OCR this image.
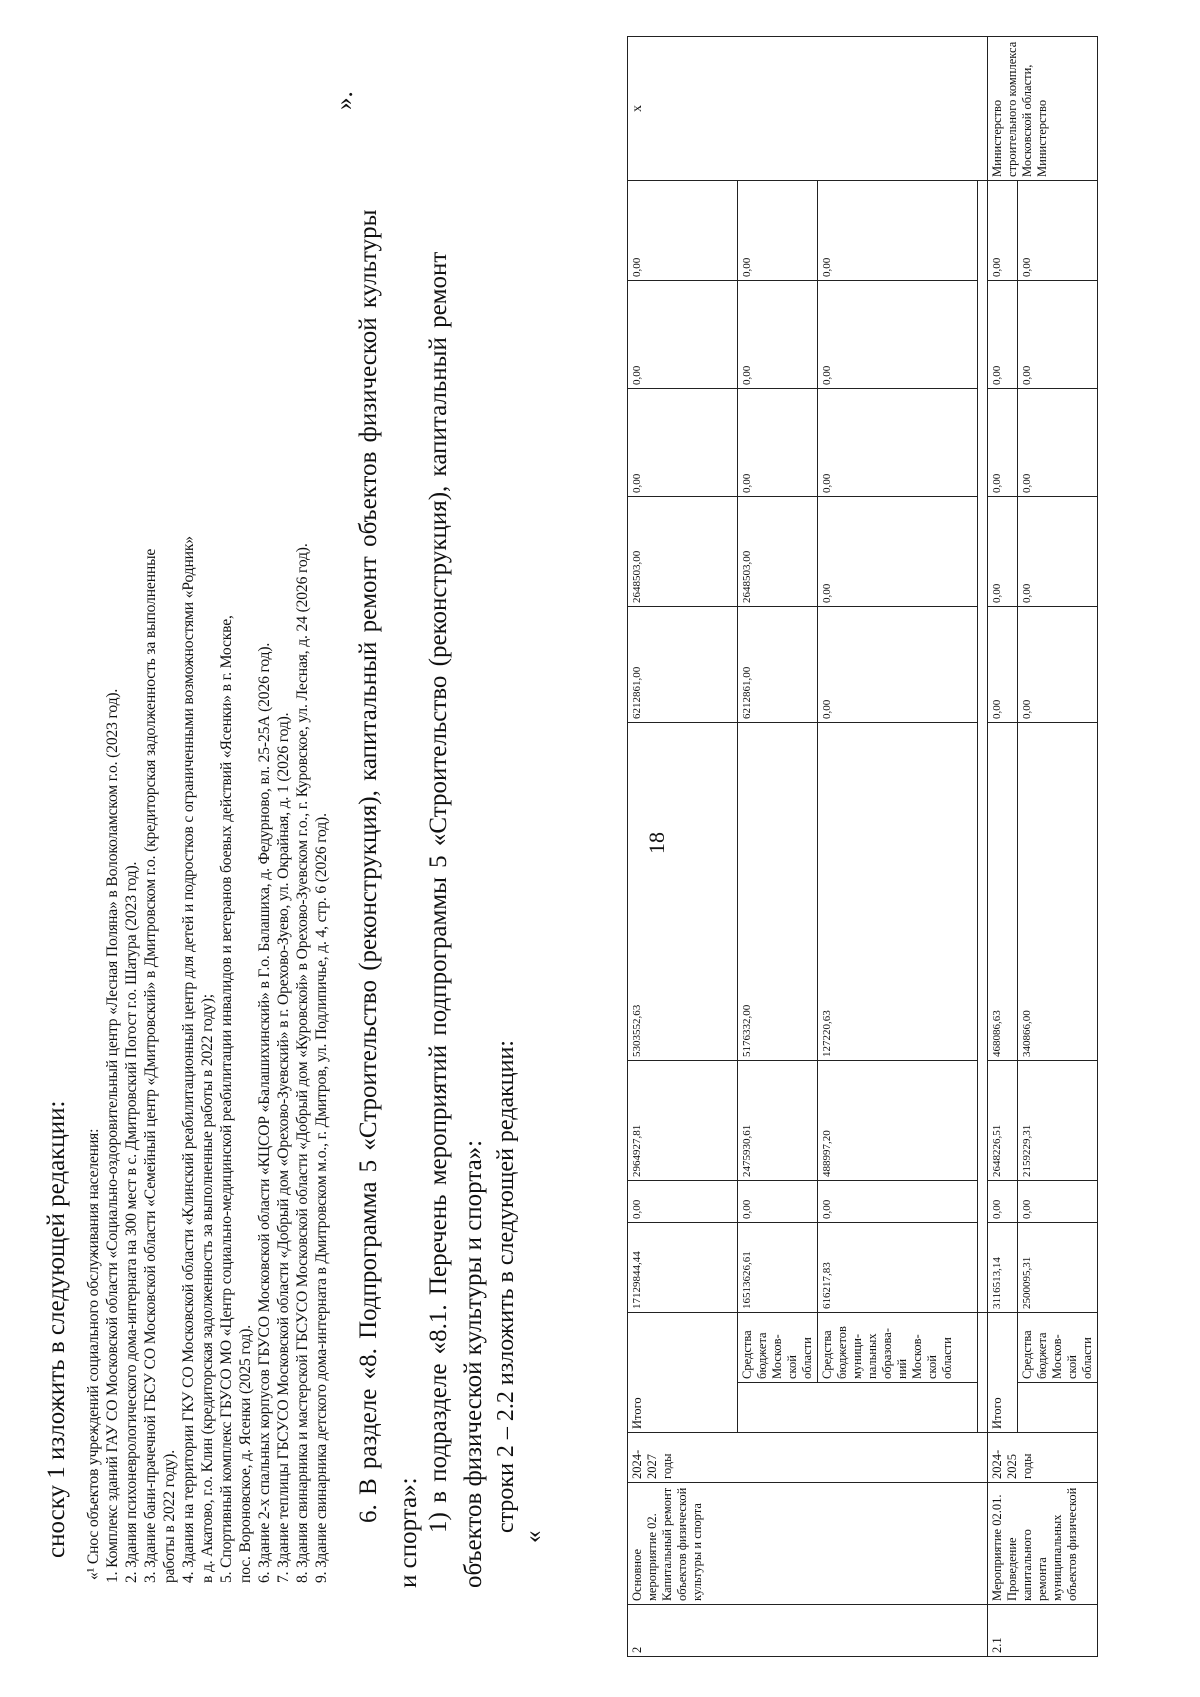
18
сноску 1 изложить в следующей редакции: «¹ Снос объектов учреждений социального обслуживания населения: 1. Комплекс зданий ГАУ СО Московской области «Социально-оздоровительный центр «Лесная Поляна» в Волоколамском г.о. (2023 год). 2. Здания психоневрологического дома-интерната на 300 мест в с. Дмитровский Погост г.о. Шатура (2023 год). 3. Здание бани-прачечной ГБСУ СО Московской области «Семейный центр «Дмитровский» в Дмитровском г.о. (кредиторская задолженность за выполненные работы в 2022 году). 4. Здания на территории ГКУ СО Московской области «Клинский реабилитационный центр для детей и подростков с ограниченными возможностями «Родник» в д. Акатово, г.о. Клин (кредиторская задолженность за выполненные работы в 2022 году); 5. Спортивный комплекс ГБУСО МО «Центр социально-медицинской реабилитации инвалидов и ветеранов боевых действий «Ясенки» в г. Москве, пос. Вороновское, д. Ясенки (2025 год). 6. Здание 2-х спальных корпусов ГБУСО Московской области «КЦСОР «Балашихинский» в Г.о. Балашиха, д. Федурново, вл. 25-25А (2026 год). 7. Здание теплицы ГБСУСО Московской области «Добрый дом «Орехово-Зуевский» в г. Орехово-Зуево, ул. Окрайная, д. 1 (2026 год). 8. Здания свинарника и мастерской ГБСУСО Московской области «Добрый дом «Куровской» в Орехово-Зуевском г.о., г. Куровское, ул. Лесная, д. 24 (2026 год). 9. Здание свинарника детского дома-интерната в Дмитровском м.о., г. Дмитров, ул. Подлипичье, д. 4, стр. 6 (2026 год).
».
6. В разделе «8. Подпрограмма 5 «Строительство (реконструкция), капитальный ремонт объектов физической культуры
и спорта»: 1) в подразделе «8.1. Перечень мероприятий подпрограммы 5 «Строительство (реконструкция), капитальный ремонт объектов физической культуры и спорта»: строки 2 – 2.2 изложить в следующей редакции:
«
2	Основное мероприятие 02. Капитальный ремонт объектов физической культуры и спорта	2024-2027 годы	Итого		17129844,44	0,00	2964927,81	5303552,63	6212861,00	2648503,00	0,00	0,00	0,00	x
				Средства бюджета Москов-ской области	16513626,61	0,00	2475930,61	5176332,00	6212861,00	2648503,00	0,00	0,00	0,00	
				Средства бюджетов муници-пальных образова-ний Москов-ской области	616217,83	0,00	488997,20	127220,63	0,00	0,00	0,00	0,00	0,00	

2.1	Мероприятие 02.01. Проведение капитального ремонта муниципальных объектов физической	2024-2025 годы	Итого		3116513,14	0,00	2648226,51	468086,63	0,00	0,00	0,00	0,00	0,00	Министерство строительного комплекса Московской области, Министерство
				Средства бюджета Москов-ской области	2500095,31	0,00	2159229,31	340866,00	0,00	0,00	0,00	0,00	0,00	
